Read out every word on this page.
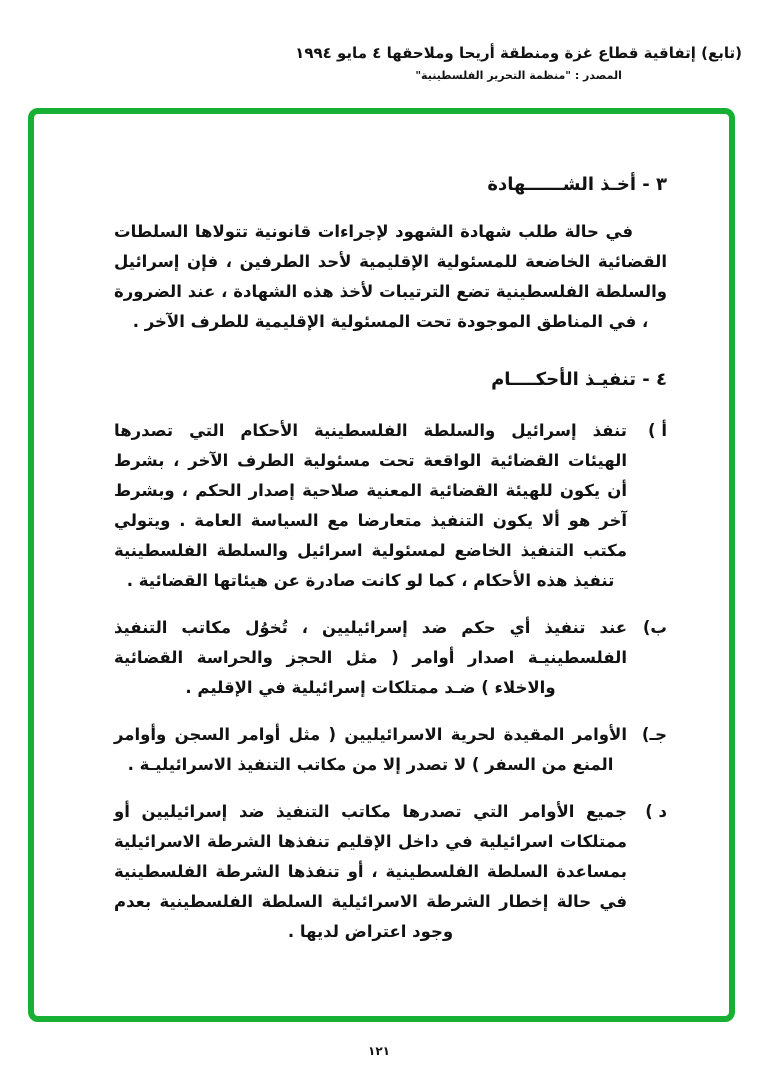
(تابع) إتفاقية قطاع غزة ومنطقة أريحا وملاحقها ٤ مايو ١٩٩٤
المصدر : "منظمة التحرير الفلسطينية"
٣ - أخـذ الشــــــهادة

في حالة طلب شهادة الشهود لإجراءات قانونية تتولاها السلطات القضائية الخاضعة للمسئولية الإقليمية لأحد الطرفين ، فإن إسرائيل والسلطة الفلسطينية تضع الترتيبات لأخذ هذه الشهادة ، عند الضرورة ، في المناطق الموجودة تحت المسئولية الإقليمية للطرف الآخر .

٤ - تنفيـذ الأحكــــام
أ )

تنفذ إسرائيل والسلطة الفلسطينية الأحكام التي تصدرها الهيئات القضائية الواقعة تحت مسئولية الطرف الآخر ، بشرط أن يكون للهيئة القضائية المعنية صلاحية إصدار الحكم ، وبشرط آخر هو ألا يكون التنفيذ متعارضا مع السياسة العامة . ويتولي مكتب التنفيذ الخاضع لمسئولية اسرائيل والسلطة الفلسطينية تنفيذ هذه الأحكام ، كما لو كانت صادرة عن هيئاتها القضائية .

ب)

عند تنفيذ أي حكم ضد إسرائيليين ، تُخوُل مكاتب التنفيذ الفلسطينيـة اصدار أوامر ( مثل الحجز والحراسة القضائية والاخلاء ) ضـد ممتلكات إسرائيلية في الإقليم .

جـ)

الأوامر المقيدة لحرية الاسرائيليين ( مثل أوامر السجن وأوامر المنع من السفر ) لا تصدر إلا من مكاتب التنفيذ الاسرائيليـة .

د )

جميع الأوامر التي تصدرها مكاتب التنفيذ ضد إسرائيليين أو ممتلكات اسرائيلية في داخل الإقليم تنفذها الشرطة الاسرائيلية بمساعدة السلطة الفلسطينية ، أو تنفذها الشرطة الفلسطينية في حالة إخطار الشرطة الاسرائيلية السلطة الفلسطينية بعدم وجود اعتراض لديها .

١٢١
